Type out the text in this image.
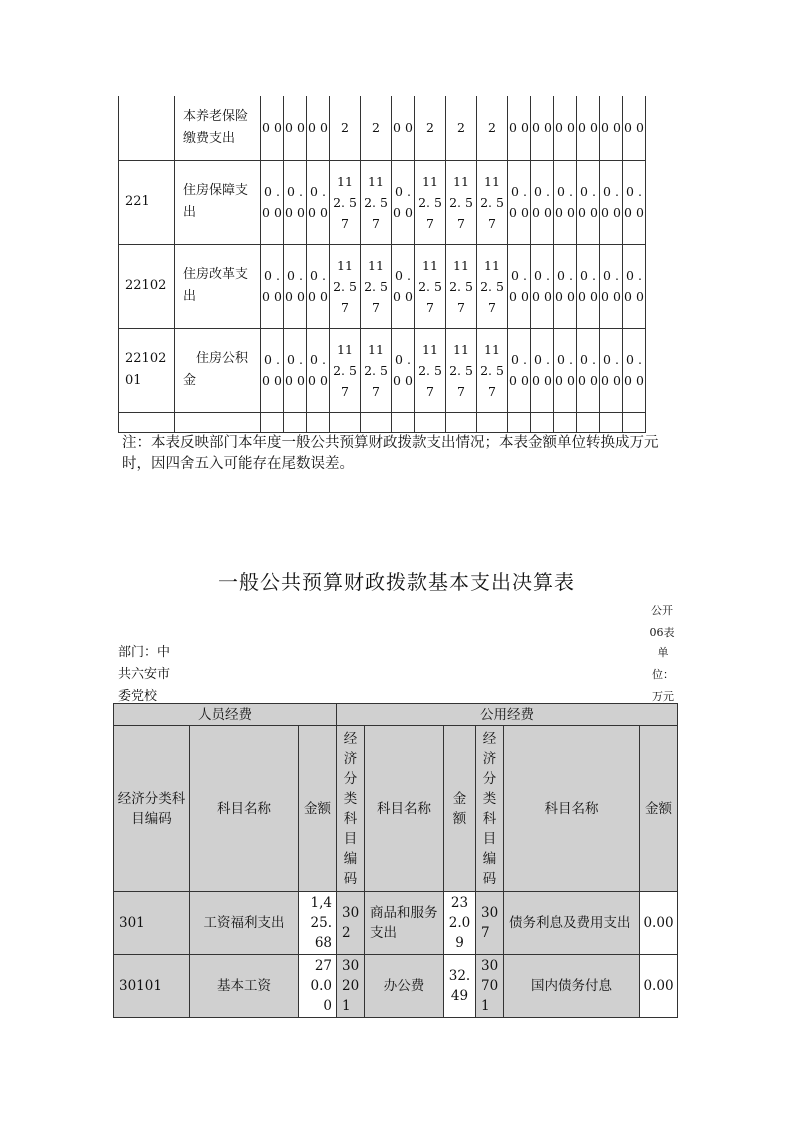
	本养老保险缴费支出	0 0	0 0	0 0	2	2	0 0	2	2	2	0 0	0 0	0 0	0 0	0 0	0 0
221	住房保障支出	0 . 0 0	0 . 0 0	0 . 0 0	11 2. 57	11 2. 57	0 . 0 0	11 2. 57	11 2. 57	11 2. 57	0 . 0 0	0 . 0 0	0 . 0 0	0 . 0 0	0 . 0 0	0 . 0 0
22102	住房改革支出	0 . 0 0	0 . 0 0	0 . 0 0	11 2. 57	11 2. 57	0 . 0 0	11 2. 57	11 2. 57	11 2. 57	0 . 0 0	0 . 0 0	0 . 0 0	0 . 0 0	0 . 0 0	0 . 0 0
2210201	　住房公积金	0 . 0 0	0 . 0 0	0 . 0 0	11 2. 57	11 2. 57	0 . 0 0	11 2. 57	11 2. 57	11 2. 57	0 . 0 0	0 . 0 0	0 . 0 0	0 . 0 0	0 . 0 0	0 . 0 0

注：本表反映部门本年度一般公共预算财政拨款支出情况；本表金额单位转换成万元时，因四舍五入可能存在尾数误差。
一般公共预算财政拨款基本支出决算表
公开06表
部门：中共六安市委党校
单位：万元
人员经费			公用经费					
经济分类科目编码	科目名称	金额	经济分类科目编码	科目名称	金额	经济分类科目编码	科目名称	金额
301	工资福利支出	1,425.68	302	商品和服务支出	232.09	307	债务利息及费用支出	0.00
30101	基本工资	270.00	30201	办公费	32.49	30701	国内债务付息	0.00
